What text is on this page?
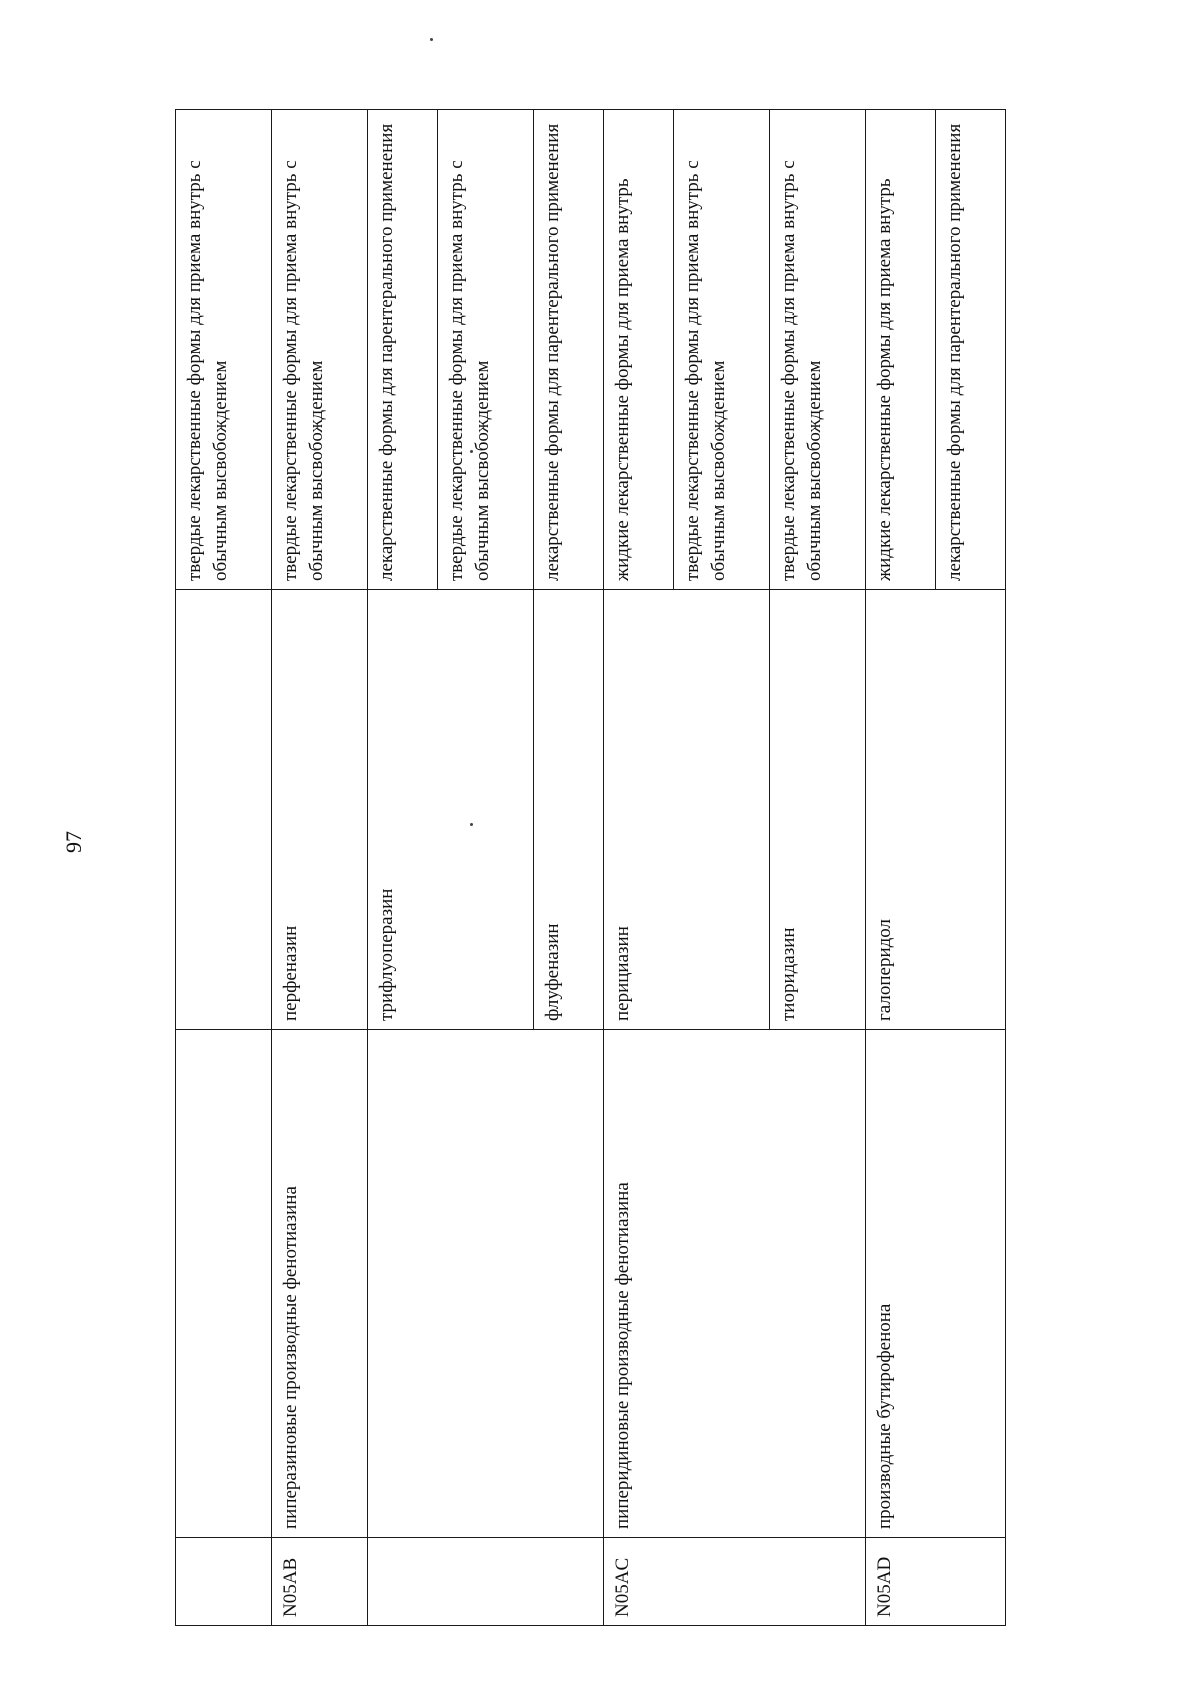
97
			твердые лекарственные формы для приема внутрь с обычным высвобождением
N05AB	пиперазиновые производные фенотиазина	перфеназин	твердые лекарственные формы для приема внутрь с обычным высвобождением
		трифлуоперазин	лекарственные формы для парентерального применения
			твердые лекарственные формы для приема внутрь с обычным высвобождением
		флуфеназин	лекарственные формы для парентерального применения
N05AC	пиперидиновые производные фенотиазина	перициазин	жидкие лекарственные формы для приема внутрь
			твердые лекарственные формы для приема внутрь с обычным высвобождением
		тиоридазин	твердые лекарственные формы для приема внутрь с обычным высвобождением
N05AD	производные бутирофенона	галоперидол	жидкие лекарственные формы для приема внутрь
			лекарственные формы для парентерального применения
